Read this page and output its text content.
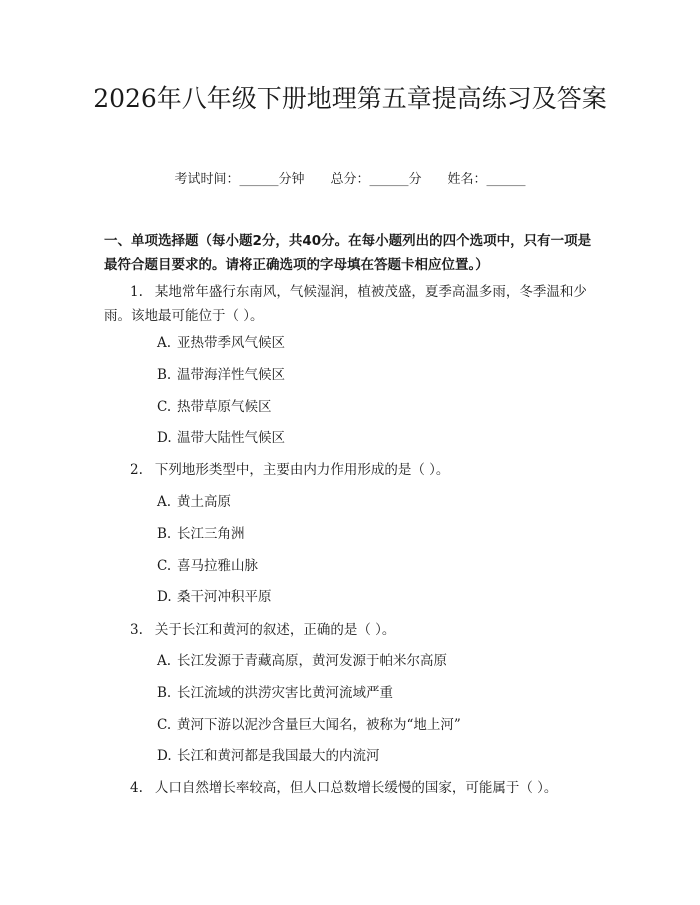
2026年八年级下册地理第五章提高练习及答案
考试时间：______分钟 总分：______分 姓名：______
一、单项选择题（每小题2分，共40分。在每小题列出的四个选项中，只有一项是最符合题目要求的。请将正确选项的字母填在答题卡相应位置。）
1. 某地常年盛行东南风，气候湿润，植被茂盛，夏季高温多雨，冬季温和少雨。该地最可能位于（ ）。
A. 亚热带季风气候区
B. 温带海洋性气候区
C. 热带草原气候区
D. 温带大陆性气候区
2. 下列地形类型中，主要由内力作用形成的是（ ）。
A. 黄土高原
B. 长江三角洲
C. 喜马拉雅山脉
D. 桑干河冲积平原
3. 关于长江和黄河的叙述，正确的是（ ）。
A. 长江发源于青藏高原，黄河发源于帕米尔高原
B. 长江流域的洪涝灾害比黄河流域严重
C. 黄河下游以泥沙含量巨大闻名，被称为“地上河”
D. 长江和黄河都是我国最大的内流河
4. 人口自然增长率较高，但人口总数增长缓慢的国家，可能属于（ ）。
